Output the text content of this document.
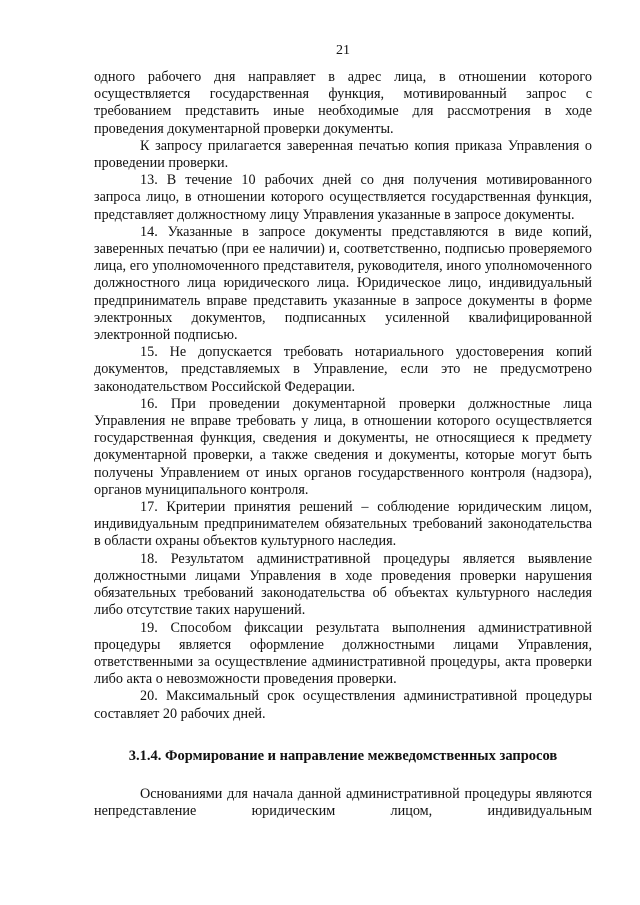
21

одного рабочего дня направляет в адрес лица, в отношении которого осуществляется государственная функция, мотивированный запрос с требованием представить иные необходимые для рассмотрения в ходе проведения документарной проверки документы.

К запросу прилагается заверенная печатью копия приказа Управления о проведении проверки.

13. В течение 10 рабочих дней со дня получения мотивированного запроса лицо, в отношении которого осуществляется государственная функция, представляет должностному лицу Управления указанные в запросе документы.

14. Указанные в запросе документы представляются в виде копий, заверенных печатью (при ее наличии) и, соответственно, подписью проверяемого лица, его уполномоченного представителя, руководителя, иного уполномоченного должностного лица юридического лица. Юридическое лицо, индивидуальный предприниматель вправе представить указанные в запросе документы в форме электронных документов, подписанных усиленной квалифицированной электронной подписью.

15. Не допускается требовать нотариального удостоверения копий документов, представляемых в Управление, если это не предусмотрено законодательством Российской Федерации.

16. При проведении документарной проверки должностные лица Управления не вправе требовать у лица, в отношении которого осуществляется государственная функция, сведения и документы, не относящиеся к предмету документарной проверки, а также сведения и документы, которые могут быть получены Управлением от иных органов государственного контроля (надзора), органов муниципального контроля.

17. Критерии принятия решений – соблюдение юридическим лицом, индивидуальным предпринимателем обязательных требований законодательства в области охраны объектов культурного наследия.

18. Результатом административной процедуры является выявление должностными лицами Управления в ходе проведения проверки нарушения обязательных требований законодательства об объектах культурного наследия либо отсутствие таких нарушений.

19. Способом фиксации результата выполнения административной процедуры является оформление должностными лицами Управления, ответственными за осуществление административной процедуры, акта проверки либо акта о невозможности проведения проверки.

20. Максимальный срок осуществления административной процедуры составляет 20 рабочих дней.

3.1.4. Формирование и направление межведомственных запросов

Основаниями для начала данной административной процедуры являются непредставление юридическим лицом, индивидуальным
